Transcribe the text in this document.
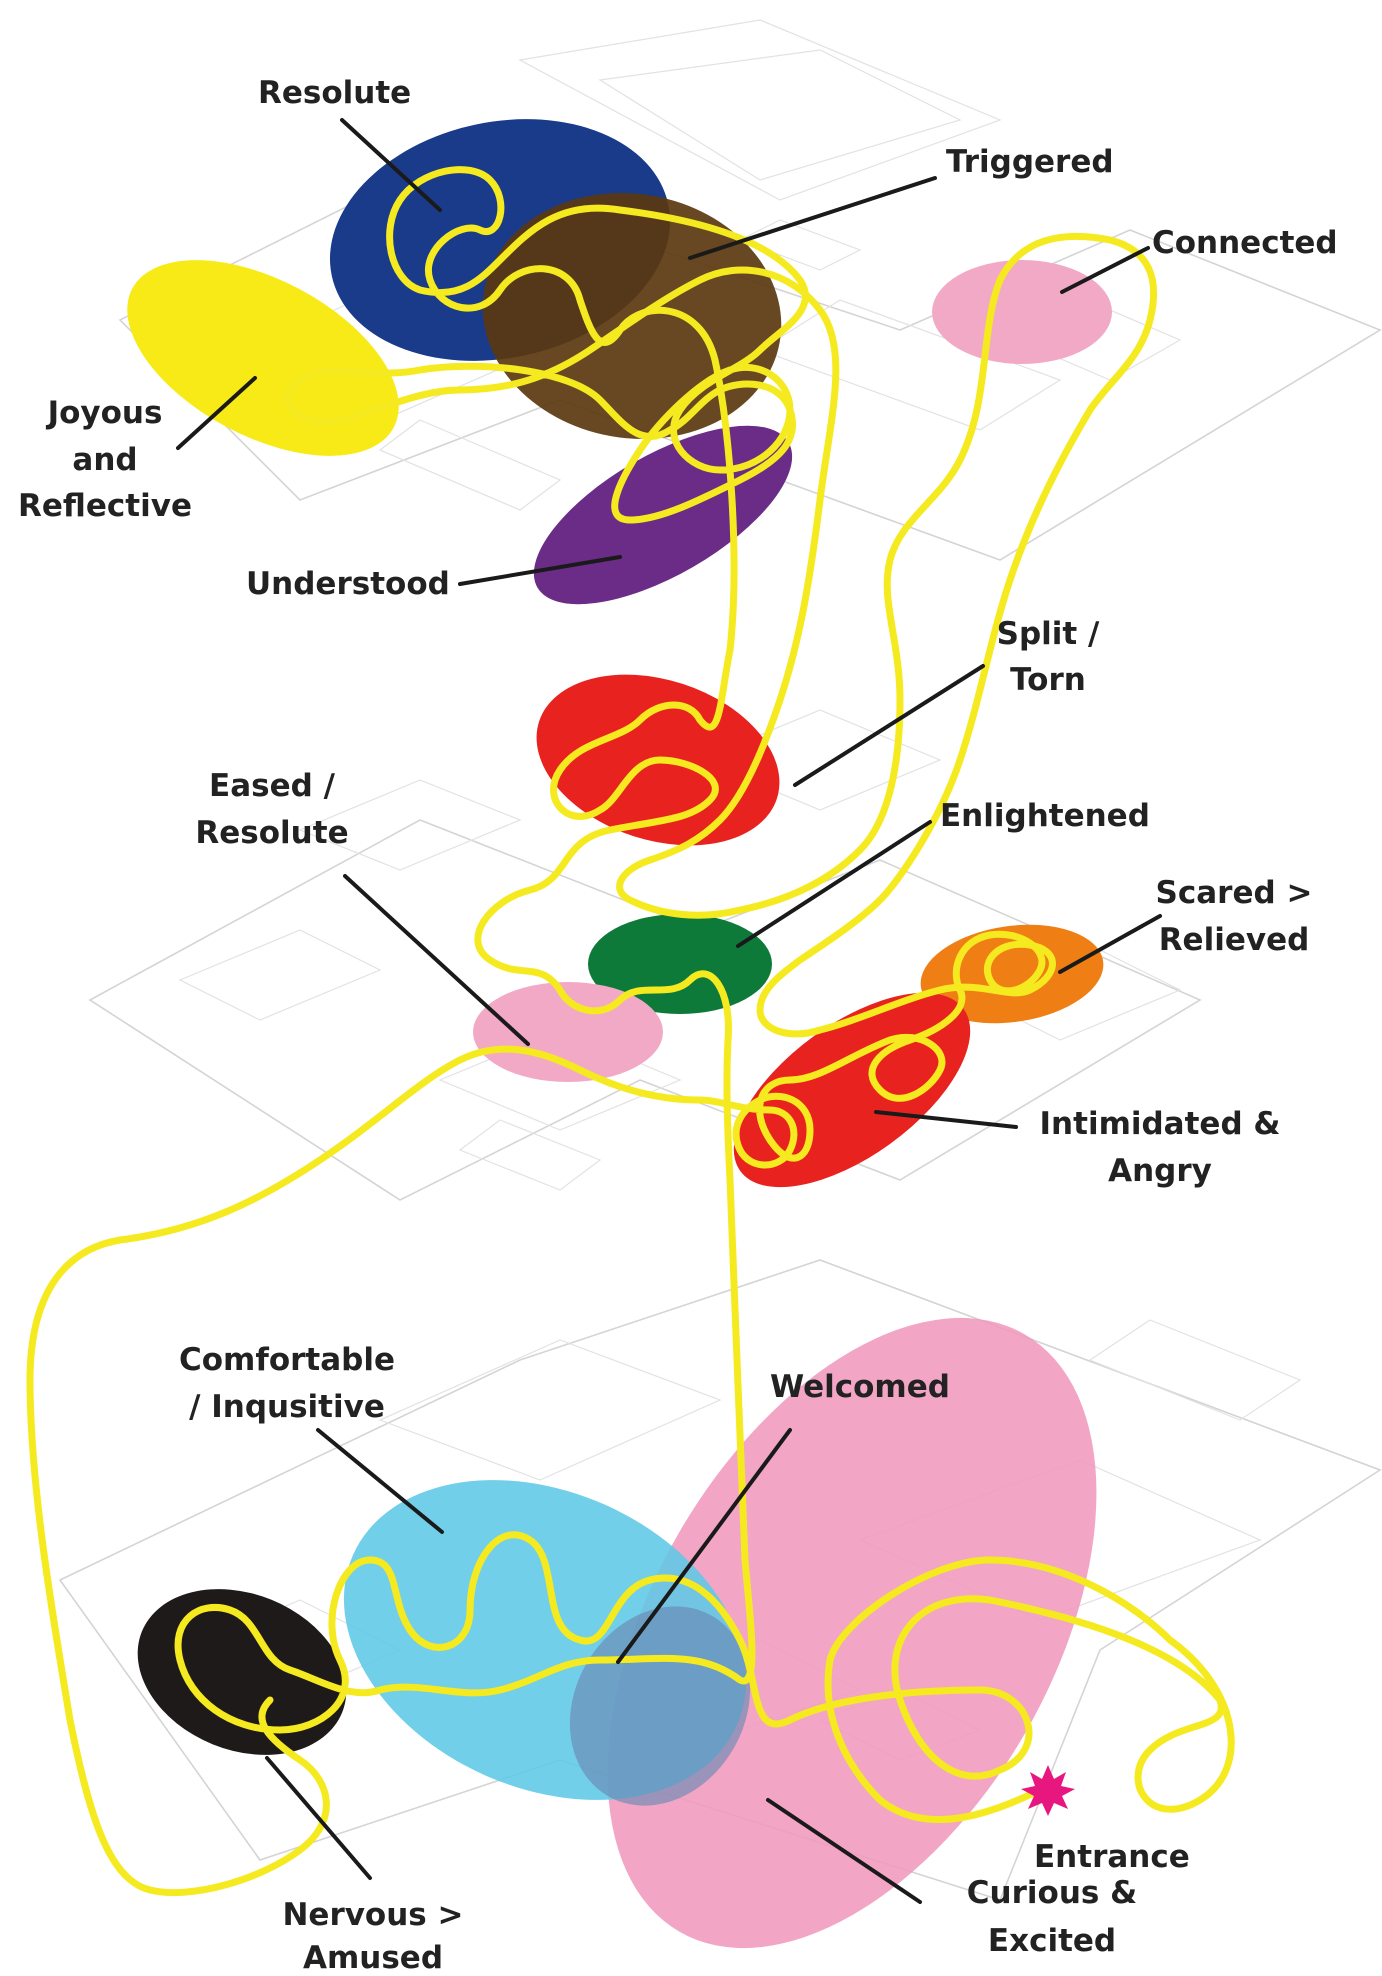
Resolute
Triggered
Connected
Joyous
and
Reflective
Understood
Split /
Torn
Eased /
Resolute	Enlightened
Scared >
Relieved
Intimidated &
Angry
Comfortable
/ Inqusitive
Welcomed
Entrance
Nervous >
Amused
Curious &
Excited
